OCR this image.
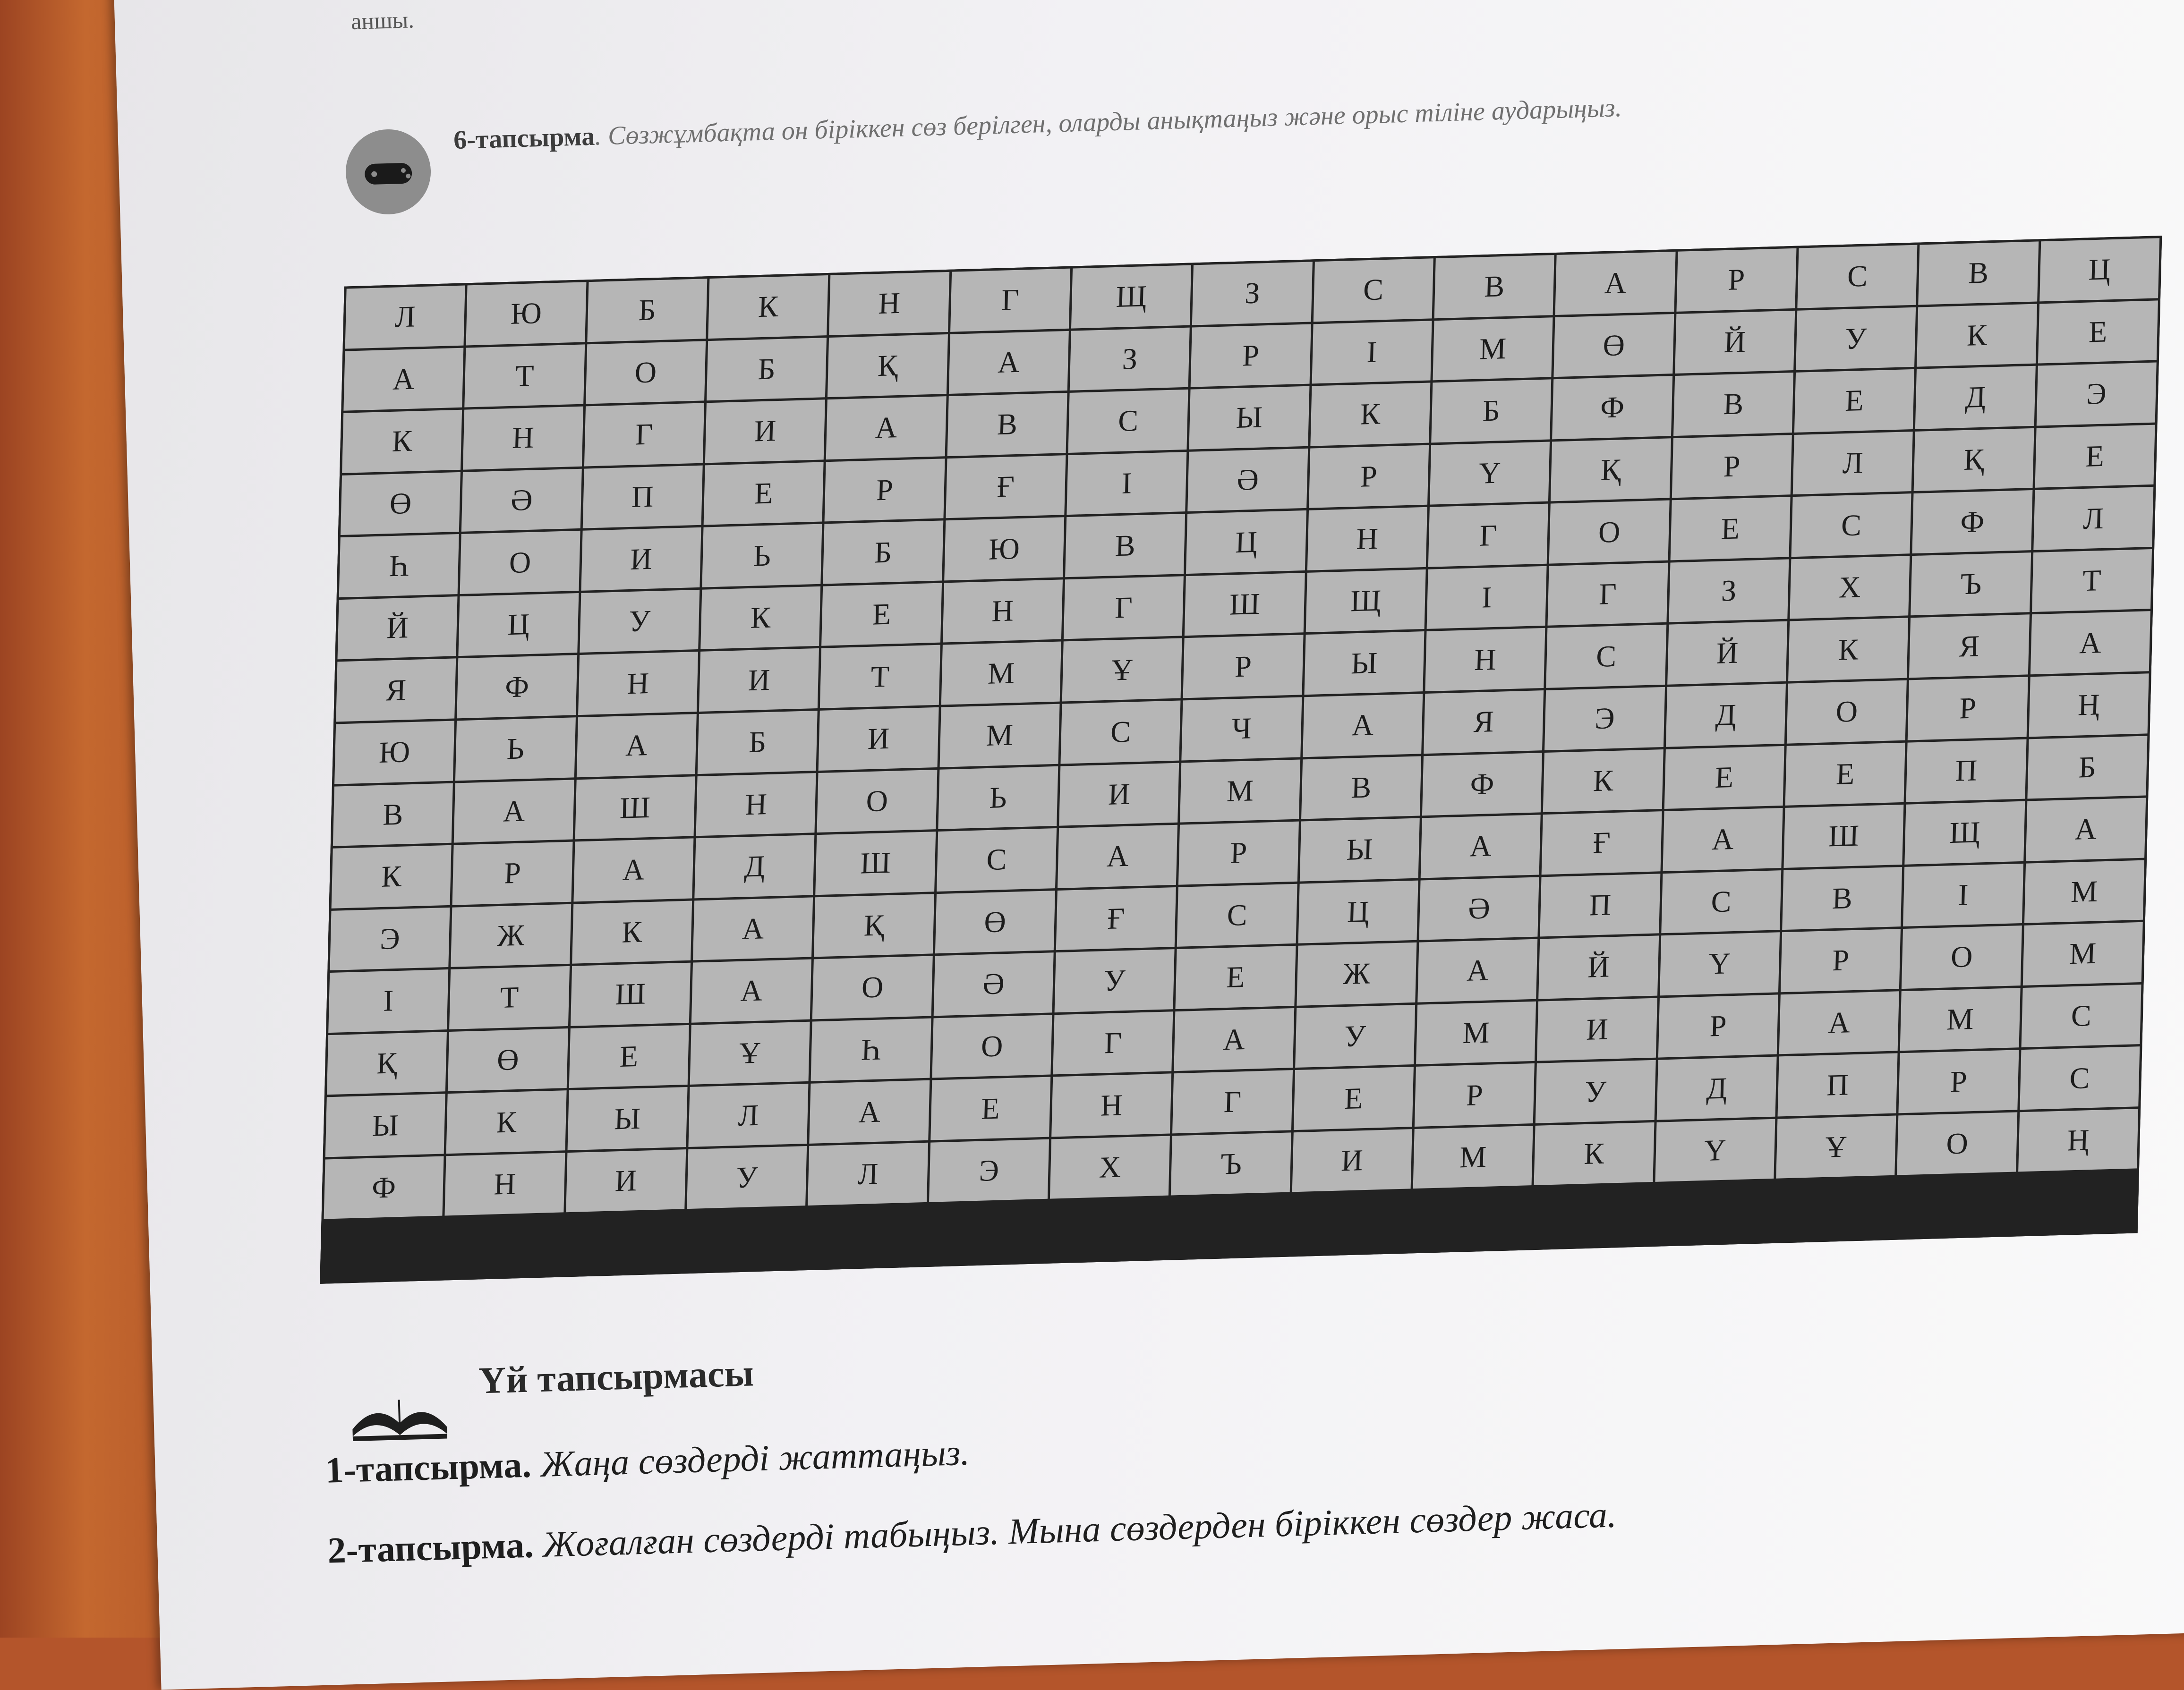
аншы.
6-тапсырма. Сөзжұмбақта он біріккен сөз берілген, оларды анықтаңыз және орыс тіліне аударыңыз.
Л	Ю	Б	К	Н	Г	Щ	З	С	В	А	Р	С	В	Ц
А	Т	О	Б	Қ	А	З	Р	І	М	Ө	Й	У	К	Е
К	Н	Г	И	А	В	С	Ы	К	Б	Ф	В	Е	Д	Э
Ө	Ә	П	Е	Р	Ғ	І	Ә	Р	Ү	Қ	Р	Л	Қ	Е
Һ	О	И	Ь	Б	Ю	В	Ц	Н	Г	О	Е	С	Ф	Л
Й	Ц	У	К	Е	Н	Г	Ш	Щ	І	Г	З	Х	Ъ	Т
Я	Ф	Н	И	Т	М	Ұ	Р	Ы	Н	С	Й	К	Я	А
Ю	Ь	А	Б	И	М	С	Ч	А	Я	Э	Д	О	Р	Ң
В	А	Ш	Н	О	Ь	И	М	В	Ф	К	Е	Е	П	Б
К	Р	А	Д	Ш	С	А	Р	Ы	А	Ғ	А	Ш	Щ	А
Э	Ж	К	А	Қ	Ө	Ғ	С	Ц	Ә	П	С	В	І	М
І	Т	Ш	А	О	Ә	У	Е	Ж	А	Й	Ү	Р	О	М
Қ	Ө	Е	Ұ	Һ	О	Г	А	У	М	И	Р	А	М	С
Ы	К	Ы	Л	А	Е	Н	Г	Е	Р	У	Д	П	Р	С
Ф	Н	И	У	Л	Э	Х	Ъ	И	М	К	Ү	Ұ	О	Ң
Үй тапсырмасы
1-тапсырма. Жаңа сөздерді жаттаңыз.
2-тапсырма. Жоғалған сөздерді табыңыз. Мына сөздерден біріккен сөздер жаса.
